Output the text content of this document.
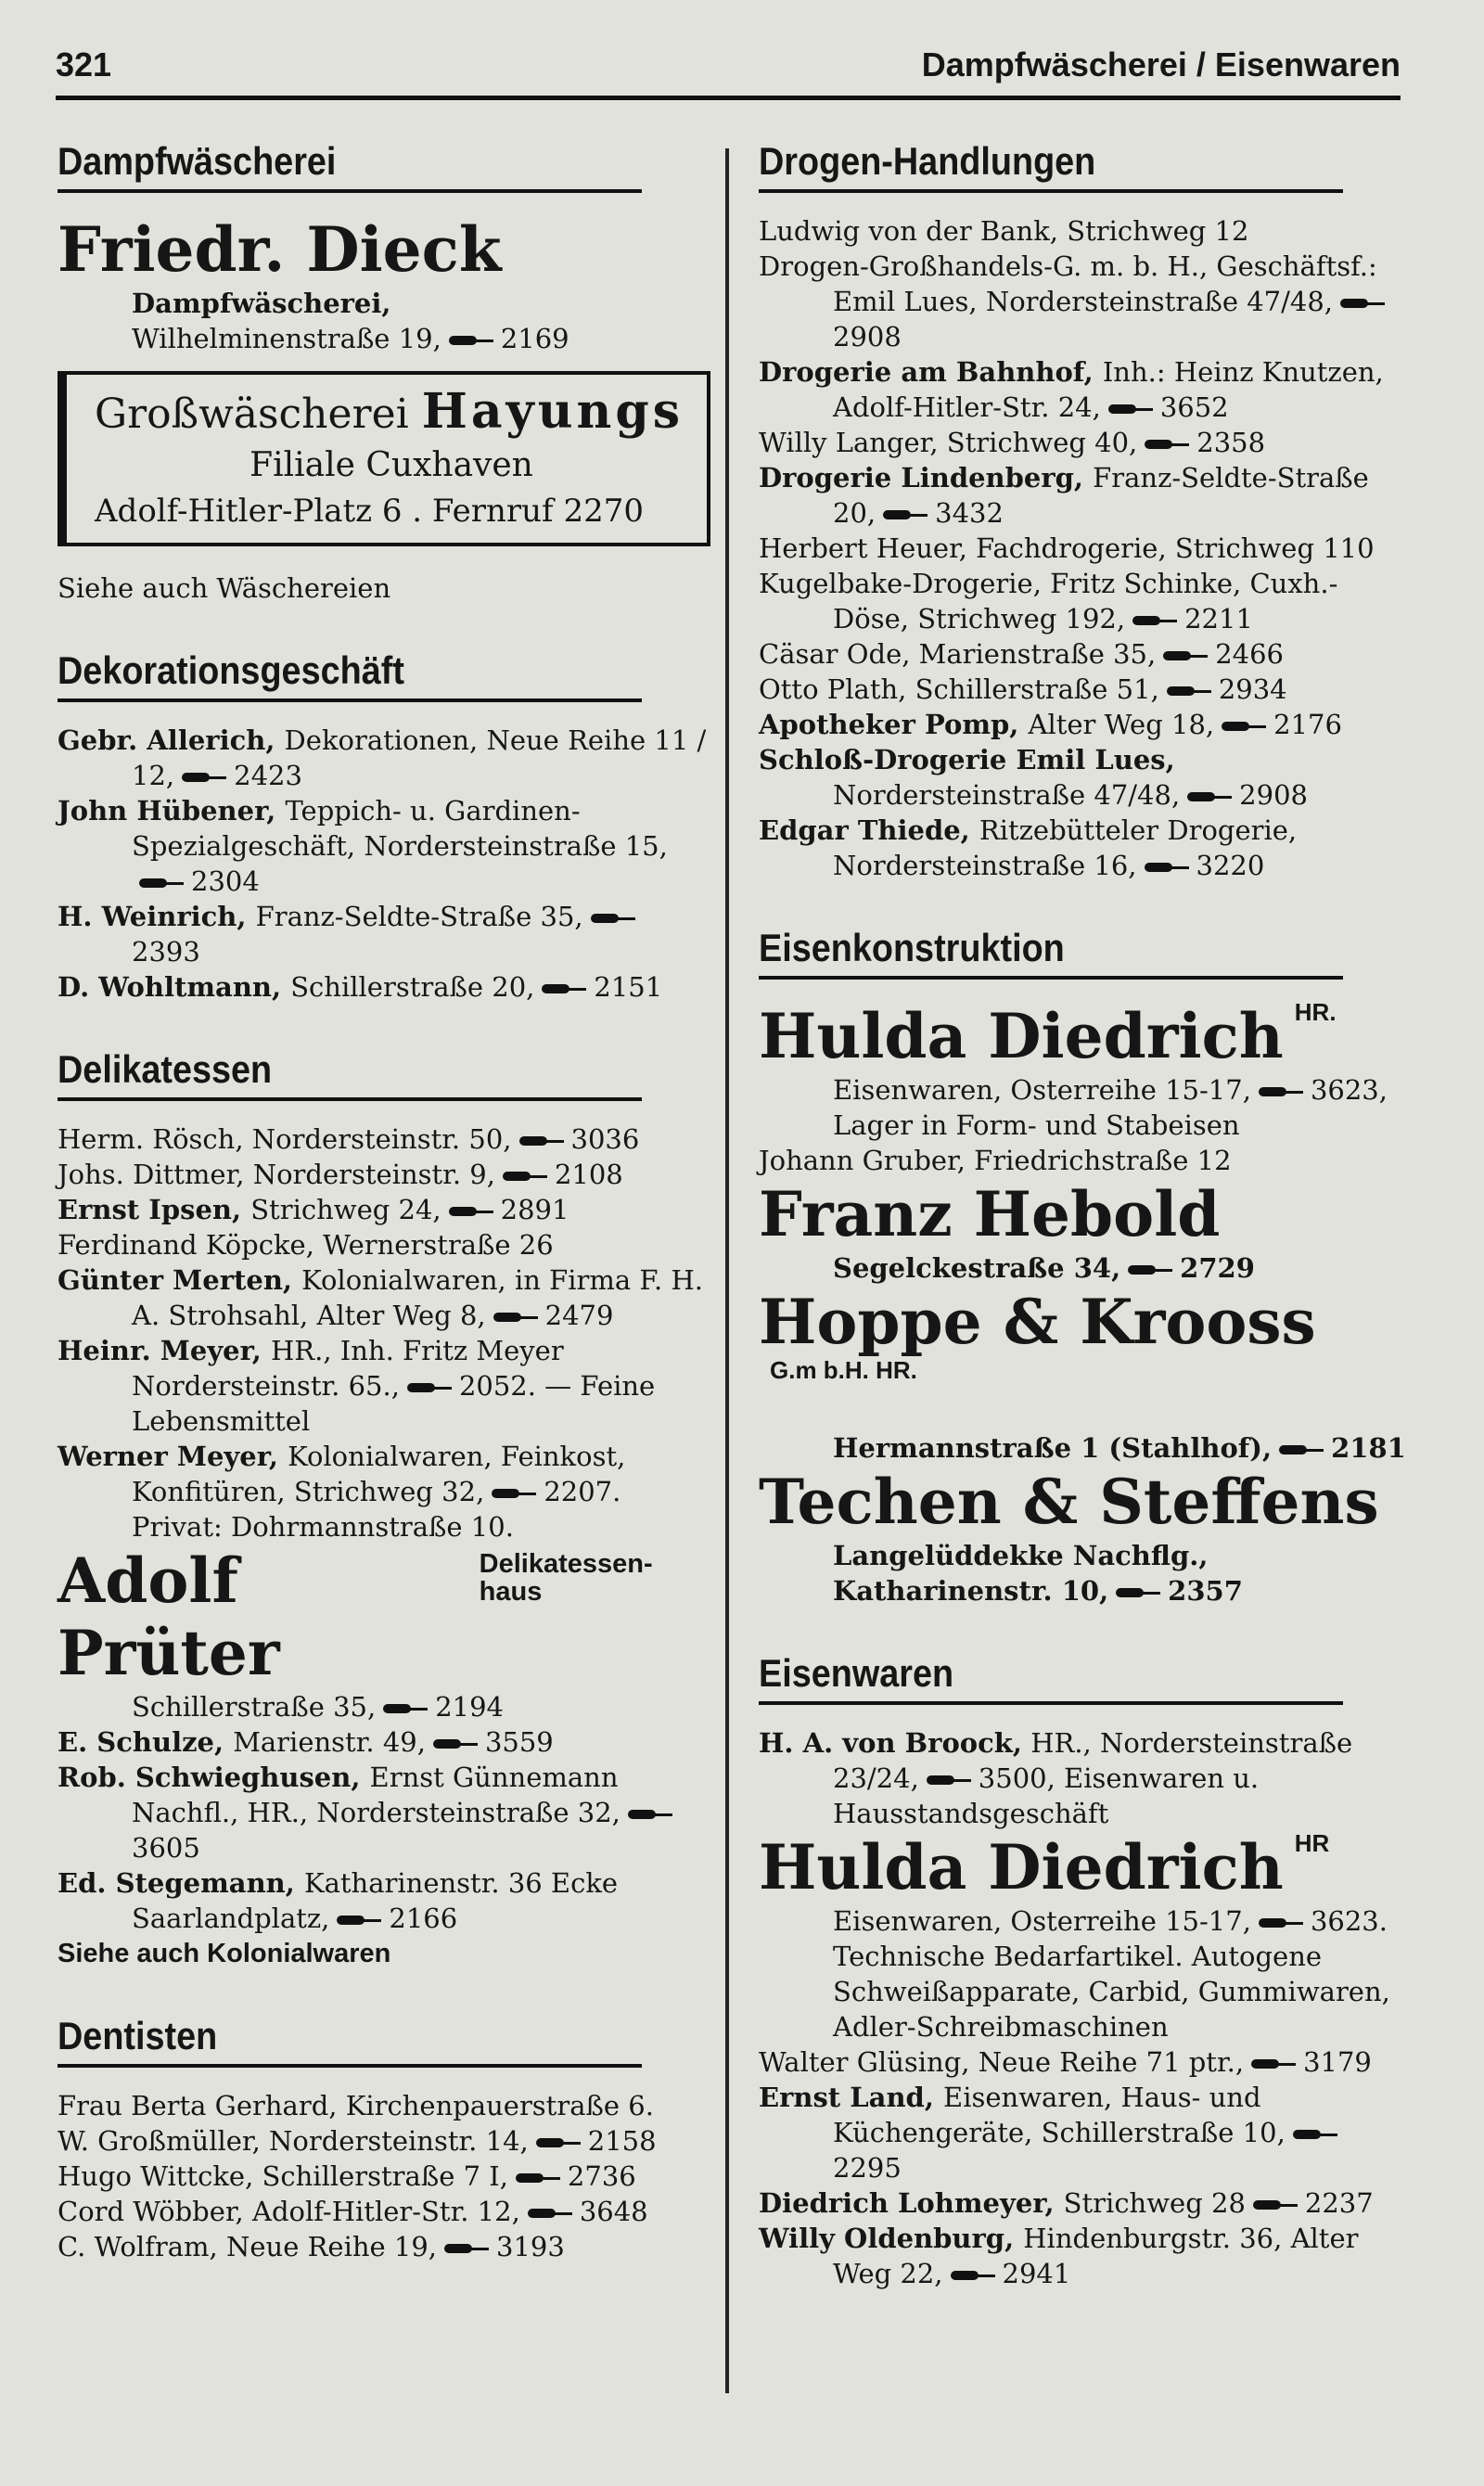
321	Dampfwäscherei / Eisenwaren
Dampfwäscherei
Friedr. Dieck
Dampfwäscherei,
Wilhelminenstraße 19, 2169
Großwäscherei Hayungs
Filiale Cuxhaven
Adolf-Hitler-Platz 6 . Fernruf 2270
Siehe auch Wäschereien
Dekorationsgeschäft
Gebr. Allerich, Dekorationen, Neue Reihe 11 / 12, 2423
John Hübener, Teppich- u. Gardinen-Spezialgeschäft, Nordersteinstraße 15,2304
H. Weinrich, Franz-Seldte-Straße 35,2393
D. Wohltmann, Schillerstraße 20, 2151
Delikatessen
Herm. Rösch, Nordersteinstr. 50, 3036
Johs. Dittmer, Nordersteinstr. 9, 2108
Ernst Ipsen, Strichweg 24, 2891
Ferdinand Köpcke, Wernerstraße 26
Günter Merten, Kolonialwaren, in Firma F. H. A. Strohsahl, Alter Weg 8, 2479
Heinr. Meyer, HR., Inh. Fritz Meyer Nordersteinstr. 65., 2052. — Feine Lebensmittel
Werner Meyer, Kolonialwaren, Feinkost, Konfitüren, Strichweg 32, 2207. Privat: Dohrmannstraße 10.
Adolf Prüter
Delikatessen-haus
Schillerstraße 35, 2194
E. Schulze, Marienstr. 49, 3559
Rob. Schwieghusen, Ernst Günnemann Nachfl., HR., Nordersteinstraße 32,3605
Ed. Stegemann, Katharinenstr. 36 Ecke Saarlandplatz, 2166
Siehe auch Kolonialwaren
Dentisten
Frau Berta Gerhard, Kirchenpauerstraße 6.
W. Großmüller, Nordersteinstr. 14, 2158
Hugo Wittcke, Schillerstraße 7 I, 2736
Cord Wöbber, Adolf-Hitler-Str. 12, 3648
C. Wolfram, Neue Reihe 19, 3193
Drogen-Handlungen
Ludwig von der Bank, Strichweg 12
Drogen-Großhandels-G. m. b. H., Geschäftsf.: Emil Lues, Nordersteinstraße 47/48,2908
Drogerie am Bahnhof, Inh.: Heinz Knutzen, Adolf-Hitler-Str. 24, 3652
Willy Langer, Strichweg 40, 2358
Drogerie Lindenberg, Franz-Seldte-Straße 20, 3432
Herbert Heuer, Fachdrogerie, Strichweg 110
Kugelbake-Drogerie, Fritz Schinke, Cuxh.-Döse, Strichweg 192, 2211
Cäsar Ode, Marienstraße 35, 2466
Otto Plath, Schillerstraße 51, 2934
Apotheker Pomp, Alter Weg 18, 2176
Schloß-Drogerie Emil Lues, Nordersteinstraße 47/48, 2908
Edgar Thiede, Ritzebütteler Drogerie, Nordersteinstraße 16, 3220
Eisenkonstruktion
Hulda Diedrich HR.
Eisenwaren, Osterreihe 15-17, 3623,
Lager in Form- und Stabeisen
Johann Gruber, Friedrichstraße 12
Franz Hebold
Segelckestraße 34, 2729
Hoppe & KroossG.m b.H. HR.
Hermannstraße 1 (Stahlhof), 2181
Techen & Steffens
Langelüddekke Nachflg., Katharinenstr. 10, 2357
Eisenwaren
H. A. von Broock, HR., Nordersteinstraße 23/24, 3500, Eisenwaren u. Hausstandsgeschäft
Hulda Diedrich HR
Eisenwaren, Osterreihe 15-17, 3623. Technische Bedarfartikel. Autogene Schweißapparate, Carbid, Gummiwaren, Adler-Schreibmaschinen
Walter Glüsing, Neue Reihe 71 ptr., 3179
Ernst Land, Eisenwaren, Haus- und Küchengeräte, Schillerstraße 10,2295
Diedrich Lohmeyer, Strichweg 28 2237
Willy Oldenburg, Hindenburgstr. 36, Alter Weg 22, 2941
